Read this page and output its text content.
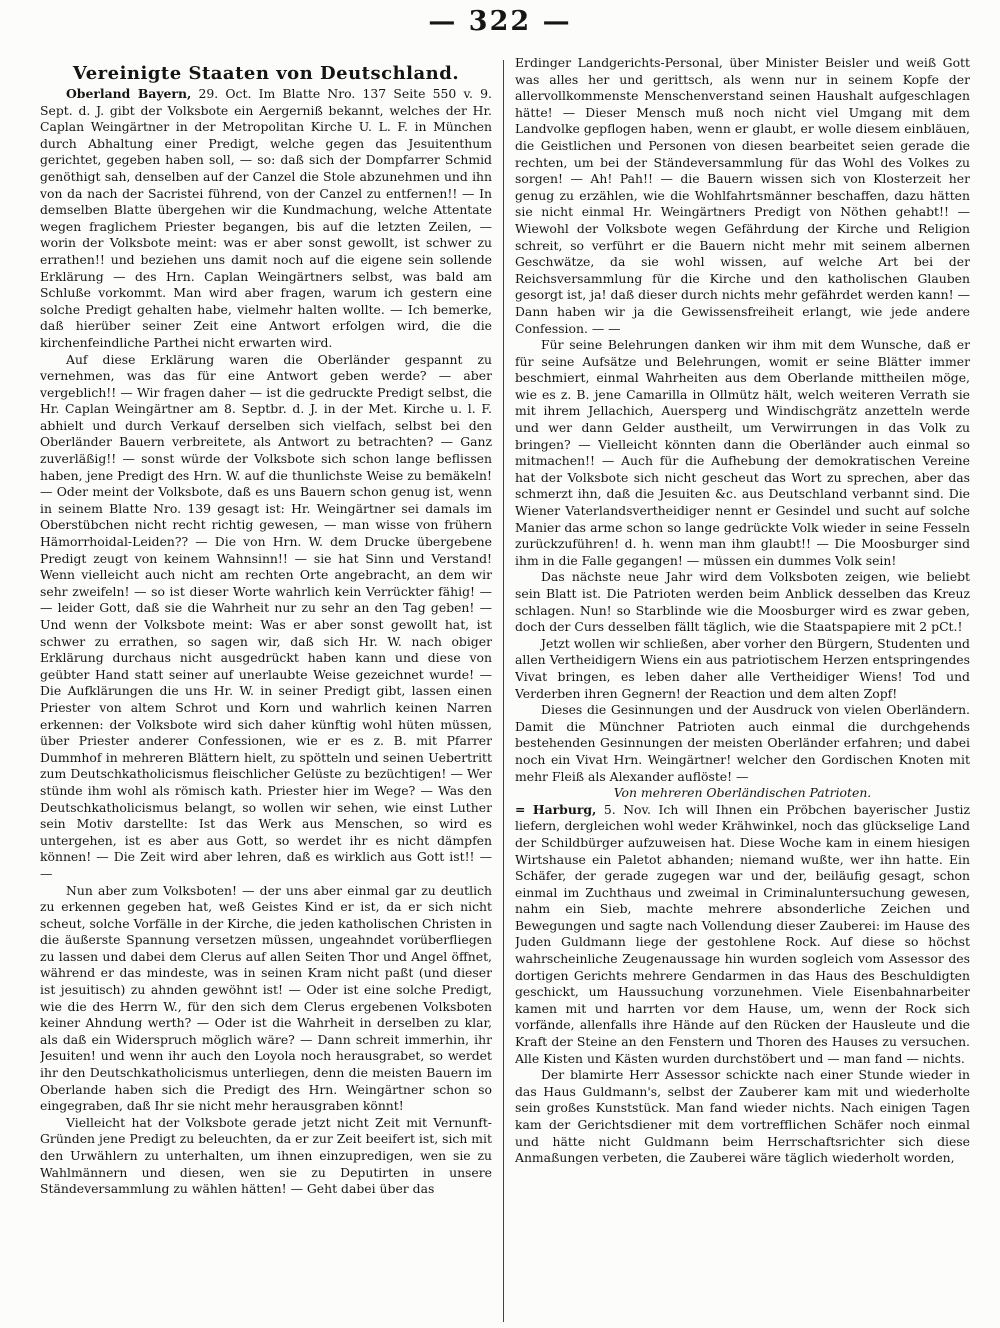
— 322 —
Vereinigte Staaten von Deutschland.

Oberland Bayern, 29. Oct. Im Blatte Nro. 137 Seite 550 v. 9. Sept. d. J. gibt der Volksbote ein Aergerniß bekannt, welches der Hr. Caplan Weingärtner in der Metropolitan Kirche U. L. F. in München durch Abhaltung einer Predigt, welche gegen das Jesuitenthum gerichtet, gegeben haben soll, — so: daß sich der Dompfarrer Schmid genöthigt sah, denselben auf der Canzel die Stole abzunehmen und ihn von da nach der Sacristei führend, von der Canzel zu entfernen!! — In demselben Blatte übergehen wir die Kundmachung, welche Attentate wegen fraglichem Priester begangen, bis auf die letzten Zeilen, — worin der Volksbote meint: was er aber sonst gewollt, ist schwer zu errathen!! und beziehen uns damit noch auf die eigene sein sollende Erklärung — des Hrn. Caplan Weingärtners selbst, was bald am Schluße vorkommt. Man wird aber fragen, warum ich gestern eine solche Predigt gehalten habe, vielmehr halten wollte. — Ich bemerke, daß hierüber seiner Zeit eine Antwort erfolgen wird, die die kirchenfeindliche Parthei nicht erwarten wird.

Auf diese Erklärung waren die Oberländer gespannt zu vernehmen, was das für eine Antwort geben werde? — aber vergeblich!! — Wir fragen daher — ist die gedruckte Predigt selbst, die Hr. Caplan Weingärtner am 8. Septbr. d. J. in der Met. Kirche u. l. F. abhielt und durch Verkauf derselben sich vielfach, selbst bei den Oberländer Bauern verbreitete, als Antwort zu betrachten? — Ganz zuverläßig!! — sonst würde der Volksbote sich schon lange beflissen haben, jene Predigt des Hrn. W. auf die thunlichste Weise zu bemäkeln! — Oder meint der Volksbote, daß es uns Bauern schon genug ist, wenn in seinem Blatte Nro. 139 gesagt ist: Hr. Weingärtner sei damals im Oberstübchen nicht recht richtig gewesen, — man wisse von frühern Hämorrhoidal-Leiden?? — Die von Hrn. W. dem Drucke übergebene Predigt zeugt von keinem Wahnsinn!! — sie hat Sinn und Verstand! Wenn vielleicht auch nicht am rechten Orte angebracht, an dem wir sehr zweifeln! — so ist dieser Worte wahrlich kein Verrückter fähig! — — leider Gott, daß sie die Wahrheit nur zu sehr an den Tag geben! — Und wenn der Volksbote meint: Was er aber sonst gewollt hat, ist schwer zu errathen, so sagen wir, daß sich Hr. W. nach obiger Erklärung durchaus nicht ausgedrückt haben kann und diese von geübter Hand statt seiner auf unerlaubte Weise gezeichnet wurde! — Die Aufklärungen die uns Hr. W. in seiner Predigt gibt, lassen einen Priester von altem Schrot und Korn und wahrlich keinen Narren erkennen: der Volksbote wird sich daher künftig wohl hüten müssen, über Priester anderer Confessionen, wie er es z. B. mit Pfarrer Dummhof in mehreren Blättern hielt, zu spötteln und seinen Uebertritt zum Deutschkatholicismus fleischlicher Gelüste zu bezüchtigen! — Wer stünde ihm wohl als römisch kath. Priester hier im Wege? — Was den Deutschkatholicismus belangt, so wollen wir sehen, wie einst Luther sein Motiv darstellte: Ist das Werk aus Menschen, so wird es untergehen, ist es aber aus Gott, so werdet ihr es nicht dämpfen können! — Die Zeit wird aber lehren, daß es wirklich aus Gott ist!! — —

Nun aber zum Volksboten! — der uns aber einmal gar zu deutlich zu erkennen gegeben hat, weß Geistes Kind er ist, da er sich nicht scheut, solche Vorfälle in der Kirche, die jeden katholischen Christen in die äußerste Spannung versetzen müssen, ungeahndet vorüberfliegen zu lassen und dabei dem Clerus auf allen Seiten Thor und Angel öffnet, während er das mindeste, was in seinen Kram nicht paßt (und dieser ist jesuitisch) zu ahnden gewöhnt ist! — Oder ist eine solche Predigt, wie die des Herrn W., für den sich dem Clerus ergebenen Volksboten keiner Ahndung werth? — Oder ist die Wahrheit in derselben zu klar, als daß ein Widerspruch möglich wäre? — Dann schreit immerhin, ihr Jesuiten! und wenn ihr auch den Loyola noch herausgrabet, so werdet ihr den Deutschkatholicismus unterliegen, denn die meisten Bauern im Oberlande haben sich die Predigt des Hrn. Weingärtner schon so eingegraben, daß Ihr sie nicht mehr herausgraben könnt!

Vielleicht hat der Volksbote gerade jetzt nicht Zeit mit Vernunft-Gründen jene Predigt zu beleuchten, da er zur Zeit beeifert ist, sich mit den Urwählern zu unterhalten, um ihnen einzupredigen, wen sie zu Wahlmännern und diesen, wen sie zu Deputirten in unsere Ständeversammlung zu wählen hätten! — Geht dabei über das

Erdinger Landgerichts-Personal, über Minister Beisler und weiß Gott was alles her und gerittsch, als wenn nur in seinem Kopfe der allervollkommenste Menschenverstand seinen Haushalt aufgeschlagen hätte! — Dieser Mensch muß noch nicht viel Umgang mit dem Landvolke gepflogen haben, wenn er glaubt, er wolle diesem einbläuen, die Geistlichen und Personen von diesen bearbeitet seien gerade die rechten, um bei der Ständeversammlung für das Wohl des Volkes zu sorgen! — Ah! Pah!! — die Bauern wissen sich von Klosterzeit her genug zu erzählen, wie die Wohlfahrtsmänner beschaffen, dazu hätten sie nicht einmal Hr. Weingärtners Predigt von Nöthen gehabt!! — Wiewohl der Volksbote wegen Gefährdung der Kirche und Religion schreit, so verführt er die Bauern nicht mehr mit seinem albernen Geschwätze, da sie wohl wissen, auf welche Art bei der Reichsversammlung für die Kirche und den katholischen Glauben gesorgt ist, ja! daß dieser durch nichts mehr gefährdet werden kann! — Dann haben wir ja die Gewissensfreiheit erlangt, wie jede andere Confession. — —

Für seine Belehrungen danken wir ihm mit dem Wunsche, daß er für seine Aufsätze und Belehrungen, womit er seine Blätter immer beschmiert, einmal Wahrheiten aus dem Oberlande mittheilen möge, wie es z. B. jene Camarilla in Ollmütz hält, welch weiteren Verrath sie mit ihrem Jellachich, Auersperg und Windischgrätz anzetteln werde und wer dann Gelder austheilt, um Verwirrungen in das Volk zu bringen? — Vielleicht könnten dann die Oberländer auch einmal so mitmachen!! — Auch für die Aufhebung der demokratischen Vereine hat der Volksbote sich nicht gescheut das Wort zu sprechen, aber das schmerzt ihn, daß die Jesuiten &c. aus Deutschland verbannt sind. Die Wiener Vaterlandsvertheidiger nennt er Gesindel und sucht auf solche Manier das arme schon so lange gedrückte Volk wieder in seine Fesseln zurückzuführen! d. h. wenn man ihm glaubt!! — Die Moosburger sind ihm in die Falle gegangen! — müssen ein dummes Volk sein!

Das nächste neue Jahr wird dem Volksboten zeigen, wie beliebt sein Blatt ist. Die Patrioten werden beim Anblick desselben das Kreuz schlagen. Nun! so Starblinde wie die Moosburger wird es zwar geben, doch der Curs desselben fällt täglich, wie die Staatspapiere mit 2 pCt.!

Jetzt wollen wir schließen, aber vorher den Bürgern, Studenten und allen Vertheidigern Wiens ein aus patriotischem Herzen entspringendes Vivat bringen, es leben daher alle Vertheidiger Wiens! Tod und Verderben ihren Gegnern! der Reaction und dem alten Zopf!

Dieses die Gesinnungen und der Ausdruck von vielen Oberländern. Damit die Münchner Patrioten auch einmal die durchgehends bestehenden Gesinnungen der meisten Oberländer erfahren; und dabei noch ein Vivat Hrn. Weingärtner! welcher den Gordischen Knoten mit mehr Fleiß als Alexander auflöste! —

Von mehreren Oberländischen Patrioten.

= Harburg, 5. Nov. Ich will Ihnen ein Pröbchen bayerischer Justiz liefern, dergleichen wohl weder Krähwinkel, noch das glückselige Land der Schildbürger aufzuweisen hat. Diese Woche kam in einem hiesigen Wirtshause ein Paletot abhanden; niemand wußte, wer ihn hatte. Ein Schäfer, der gerade zugegen war und der, beiläufig gesagt, schon einmal im Zuchthaus und zweimal in Criminaluntersuchung gewesen, nahm ein Sieb, machte mehrere absonderliche Zeichen und Bewegungen und sagte nach Vollendung dieser Zauberei: im Hause des Juden Guldmann liege der gestohlene Rock. Auf diese so höchst wahrscheinliche Zeugenaussage hin wurden sogleich vom Assessor des dortigen Gerichts mehrere Gendarmen in das Haus des Beschuldigten geschickt, um Haussuchung vorzunehmen. Viele Eisenbahnarbeiter kamen mit und harrten vor dem Hause, um, wenn der Rock sich vorfände, allenfalls ihre Hände auf den Rücken der Hausleute und die Kraft der Steine an den Fenstern und Thoren des Hauses zu versuchen. Alle Kisten und Kästen wurden durchstöbert und — man fand — nichts.

Der blamirte Herr Assessor schickte nach einer Stunde wieder in das Haus Guldmann's, selbst der Zauberer kam mit und wiederholte sein großes Kunststück. Man fand wieder nichts. Nach einigen Tagen kam der Gerichtsdiener mit dem vortrefflichen Schäfer noch einmal und hätte nicht Guldmann beim Herrschaftsrichter sich diese Anmaßungen verbeten, die Zauberei wäre täglich wiederholt worden,
